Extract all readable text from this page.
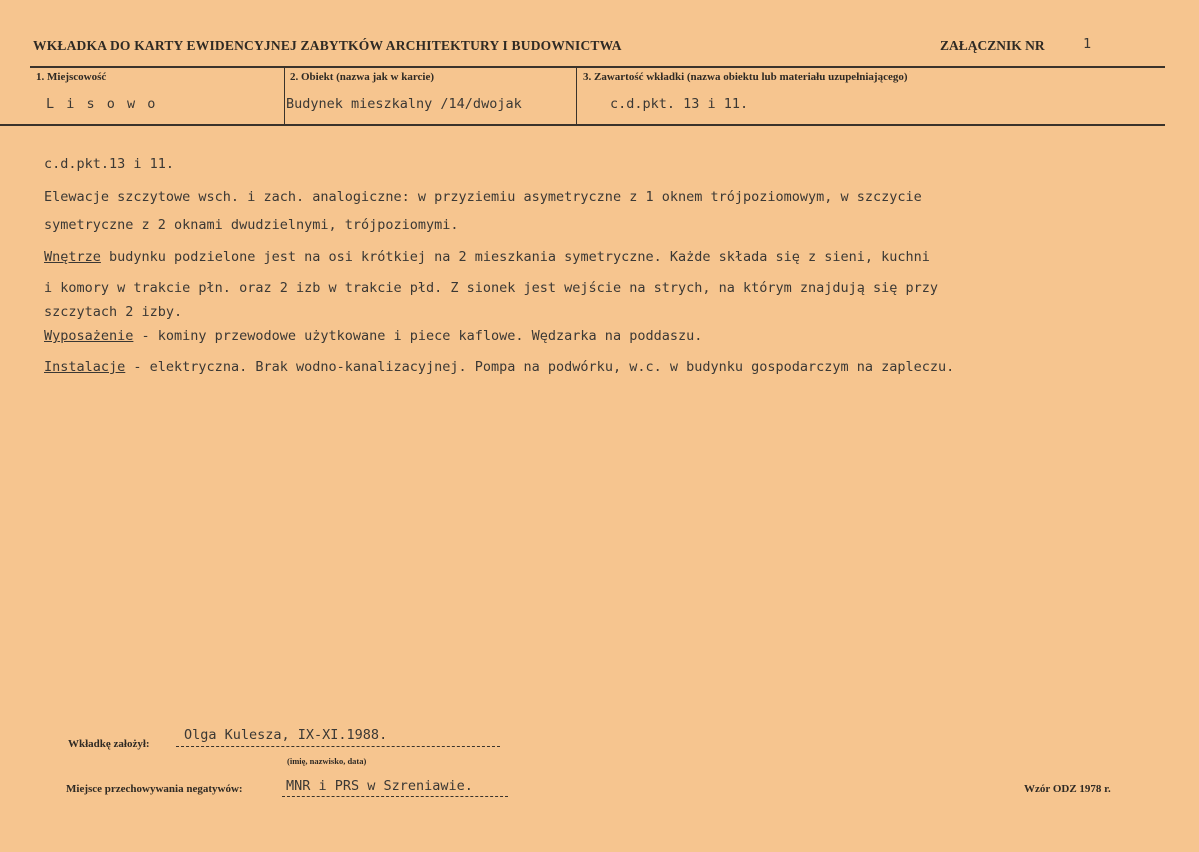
WKŁADKA DO KARTY EWIDENCYJNEJ ZABYTKÓW ARCHITEKTURY I BUDOWNICTWA	ZAŁĄCZNIK NR	1
1. Miejscowość	2. Obiekt (nazwa jak w karcie)	3. Zawartość wkładki (nazwa obiektu lub materiału uzupełniającego)
L i s o w o	Budynek mieszkalny /14/dwojak	c.d.pkt. 13 i 11.
c.d.pkt.13 i 11.
Elewacje szczytowe wsch. i zach. analogiczne: w przyziemiu asymetryczne z 1 oknem trójpoziomowym, w szczycie
symetryczne z 2 oknami dwudzielnymi, trójpoziomymi.
Wnętrze budynku podzielone jest na osi krótkiej na 2 mieszkania symetryczne. Każde składa się z sieni, kuchni
i komory w trakcie płn. oraz 2 izb w trakcie płd. Z sionek jest wejście na strych, na którym znajdują się przy
szczytach 2 izby.
Wyposażenie - kominy przewodowe użytkowane i piece kaflowe. Wędzarka na poddaszu.
Instalacje - elektryczna. Brak wodno-kanalizacyjnej. Pompa na podwórku, w.c. w budynku gospodarczym na zapleczu.
Wkładkę założył:
Olga Kulesza, IX-XI.1988.
(imię, nazwisko, data)
Miejsce przechowywania negatywów:	MNR i PRS w Szreniawie.	Wzór ODZ 1978 r.
